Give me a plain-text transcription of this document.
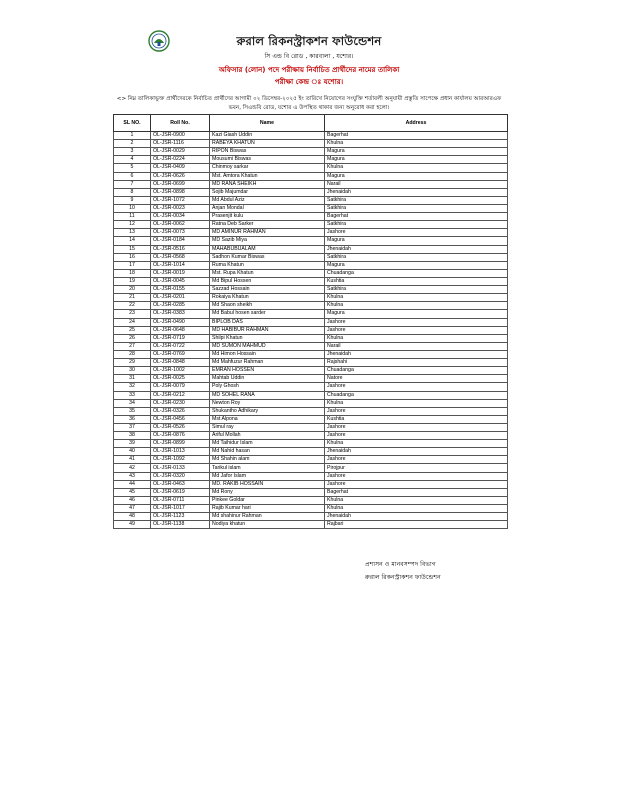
রুরাল রিকনস্ট্রাকশন ফাউন্ডেশন
সি এন্ড বি রোড , কারবালা , যশোর।
অফিসার (লোন) পদে পরীক্ষায় নির্বাচিত প্রার্থীদের নামের তালিকা
পরীক্ষা কেন্দ্র ঃ যশোর।
<> নিম্ন তালিকাভুক্ত প্রার্থীদেরকে নির্বাচিত প্রার্থীদের আগামী ০২ ডিসেম্বর-২০২৫ ইং তারিখে নিয়োগের সংযুক্তি শর্তাবলী অনুযায়ী প্রস্তুতি সাপেক্ষে প্রধান কার্যালয় আরআরএফ ভবন, সিএন্ডবি রোড, যশোর এ উপস্থিত থাকার জন্য অনুরোধ করা হলো।
SL NO.	Roll No.	Name	Address
1	OL-JSR-0900	Kazi Giash Uddin	Bagerhat
2	OL-JSR-1116	RABEYA KHATUN	Khulna
3	OL-JSR-0029	RIPON Biswas	Magura
4	OL-JSR-0224	Mousumi Biswas	Magura
5	OL-JSR-0409	Chinmoy sarkar	Khulna
6	OL-JSR-0626	Mst. Amtora Khatun	Magura
7	OL-JSR-0699	MD RANA SHEIKH	Narail
8	OL-JSR-0898	Sojib Majumdar	Jhenaidah
9	OL-JSR-1072	Md Abdul Aziz	Satkhira
10	OL-JSR-0023	Anjan Mondal	Satkhira
11	OL-JSR-0034	Prasenjit kulu	Bagerhat
12	OL-JSR-0062	Ratna Deb Sarker	Satkhira
13	OL-JSR-0073	MD AMINUR RAHMAN	Jashore
14	OL-JSR-0184	MD Sazib Miya	Magura
15	OL-JSR-0516	MAHABUBUALAM	Jhenaidah
16	OL-JSR-0568	Sadhon Kumar Biswas	Satkhira
17	OL-JSR-1014	Ruma Khatun	Magura
18	OL-JSR-0019	Mst. Rupa Khatun	Chuadanga
19	OL-JSR-0045	Md Bipul Hossen	Kushtia
20	OL-JSR-0155	Sazzad Hossain	Satkhira
21	OL-JSR-0201	Rokaiya Khatun	Khulna
22	OL-JSR-0285	Md Shaon sheikh	Khulna
23	OL-JSR-0383	Md Babul hosen sarder	Magura
24	OL-JSR-0490	BIPLOB DAS	Jashore
25	OL-JSR-0648	MD HABIBUR RAHMAN	Jashore
26	OL-JSR-0719	Shilpi Khatun	Khulna
27	OL-JSR-0722	MD SUMON MAHMUD	Narail
28	OL-JSR-0769	Md Himon Hossain	Jhenaidah
29	OL-JSR-0848	Md Mahfuzur Rahman	Rajshahi
30	OL-JSR-1002	EMRAN HOSSEN	Chuadanga
31	OL-JSR-0025	Mahtab Uddin	Natore
32	OL-JSR-0079	Poly Ghosh	Jashore
33	OL-JSR-0212	MD SOHEL RANA	Chuadanga
34	OL-JSR-0230	Newton Roy	Khulna
35	OL-JSR-0326	Shukantho Adhikary	Jashore
36	OL-JSR-0456	Mst Alpona	Kushtia
37	OL-JSR-0526	Simul ray	Jashore
38	OL-JSR-0876	Ariful Mollah	Jashore
39	OL-JSR-0899	Md Taihidur Islam	Khulna
40	OL-JSR-1013	Md Nahid hasan	Jhenaidah
41	OL-JSR-1092	Md Shahin alam	Jashore
42	OL-JSR-0133	Tarikul islam	Pirojpur
43	OL-JSR-0320	Md Jafor Islam	Jashore
44	OL-JSR-0463	MD. RAKIB HOSSAIN	Jashore
45	OL-JSR-0619	Md Rony	Bagerhat
46	OL-JSR-0711	Pinkee Goldar	Khulna
47	OL-JSR-1017	Rajib Kumar hari	Khulna
48	OL-JSR-1123	Md shahinur Rahman	Jhenaidah
49	OL-JSR-1138	Nodiya khatun	Rajbari
প্রশাসন ও মানবসম্পদ বিভাগ
রুরাল রিকনস্ট্রাকশন ফাউন্ডেশন
